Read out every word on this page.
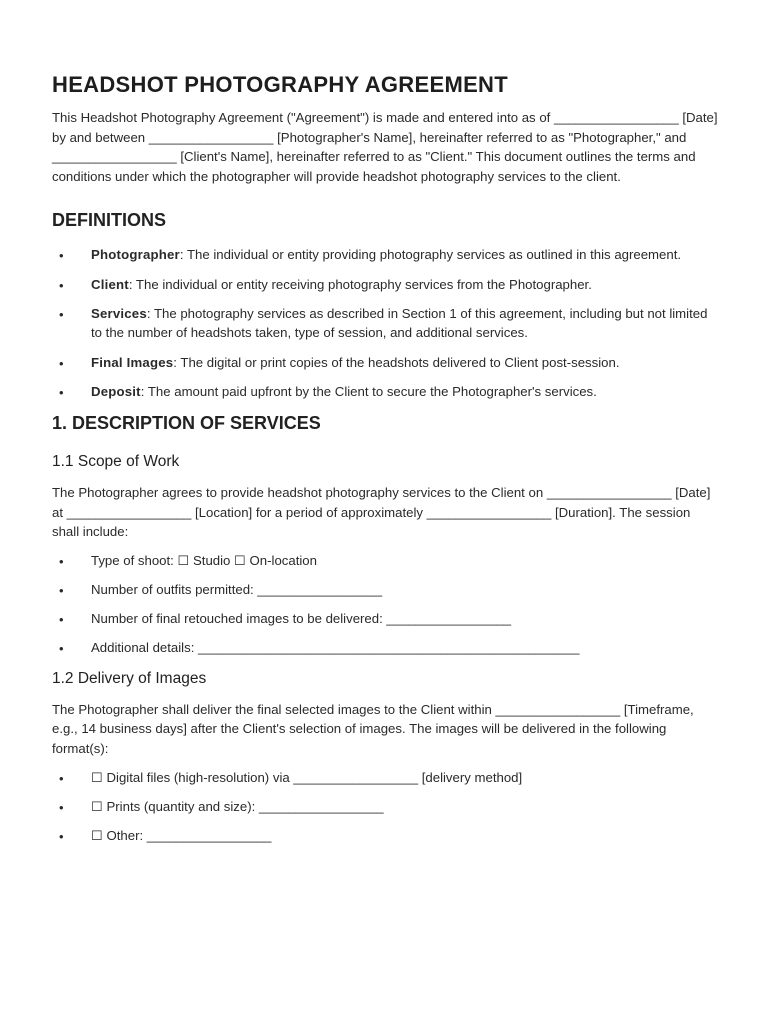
HEADSHOT PHOTOGRAPHY AGREEMENT

This Headshot Photography Agreement ("Agreement") is made and entered into as of _________________ [Date] by and between _________________ [Photographer's Name], hereinafter referred to as "Photographer," and _________________ [Client's Name], hereinafter referred to as "Client." This document outlines the terms and conditions under which the photographer will provide headshot photography services to the client.

DEFINITIONS
• Photographer: The individual or entity providing photography services as outlined in this agreement.
• Client: The individual or entity receiving photography services from the Photographer.
• Services: The photography services as described in Section 1 of this agreement, including but not limited to the number of headshots taken, type of session, and additional services.
• Final Images: The digital or print copies of the headshots delivered to Client post-session.
• Deposit: The amount paid upfront by the Client to secure the Photographer's services.
1. DESCRIPTION OF SERVICES
1.1 Scope of Work

The Photographer agrees to provide headshot photography services to the Client on _________________ [Date] at _________________ [Location] for a period of approximately _________________ [Duration]. The session shall include:

• Type of shoot: ☐ Studio ☐ On-location
• Number of outfits permitted: _________________
• Number of final retouched images to be delivered: _________________
• Additional details: ____________________________________________________
1.2 Delivery of Images

The Photographer shall deliver the final selected images to the Client within _________________ [Timeframe, e.g., 14 business days] after the Client's selection of images. The images will be delivered in the following format(s):

• ☐ Digital files (high-resolution) via _________________ [delivery method]
• ☐ Prints (quantity and size): _________________
• ☐ Other: _________________
